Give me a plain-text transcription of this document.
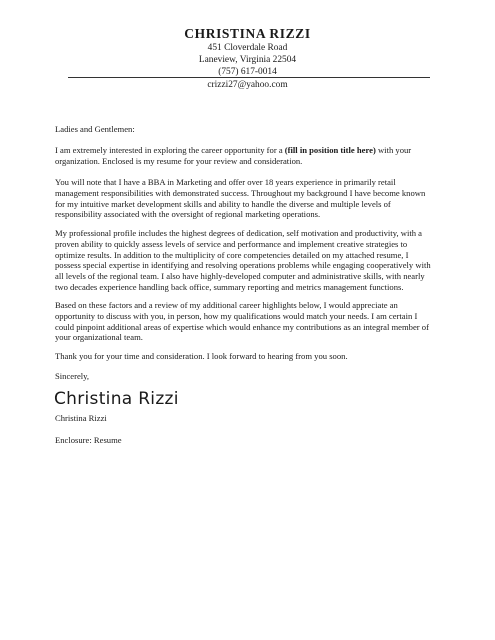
CHRISTINA RIZZI
451 Cloverdale Road
Laneview, Virginia 22504
(757) 617-0014
crizzi27@yahoo.com

Ladies and Gentlemen:

I am extremely interested in exploring the career opportunity for a (fill in position title here) with your
organization. Enclosed is my resume for your review and consideration.

You will note that I have a BBA in Marketing and offer over 18 years experience in primarily retail
management responsibilities with demonstrated success. Throughout my background I have become known
for my intuitive market development skills and ability to handle the diverse and multiple levels of
responsibility associated with the oversight of regional marketing operations.

My professional profile includes the highest degrees of dedication, self motivation and productivity, with a
proven ability to quickly assess levels of service and performance and implement creative strategies to
optimize results. In addition to the multiplicity of core competencies detailed on my attached resume, I
possess special expertise in identifying and resolving operations problems while engaging cooperatively with
all levels of the regional team. I also have highly-developed computer and administrative skills, with nearly
two decades experience handling back office, summary reporting and metrics management functions.

Based on these factors and a review of my additional career highlights below, I would appreciate an
opportunity to discuss with you, in person, how my qualifications would match your needs. I am certain I
could pinpoint additional areas of expertise which would enhance my contributions as an integral member of
your organizational team.

Thank you for your time and consideration. I look forward to hearing from you soon.

Sincerely,

Christina Rizzi
Christina Rizzi
Enclosure: Resume
